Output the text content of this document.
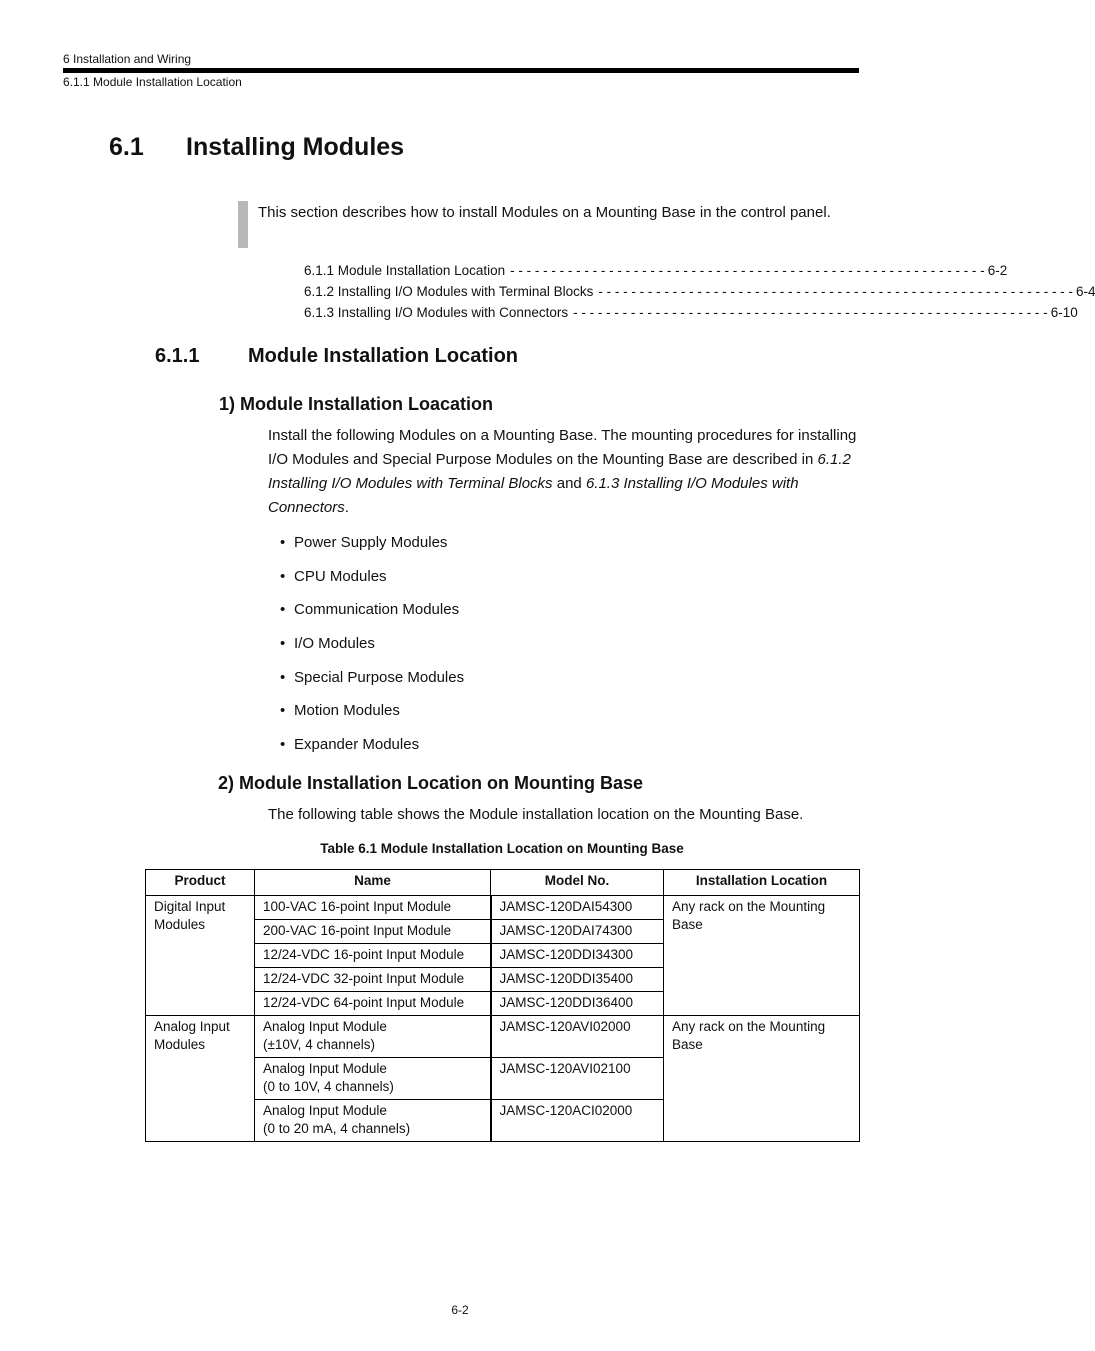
6 Installation and Wiring
6.1.1 Module Installation Location
6.1 Installing Modules
This section describes how to install Modules on a Mounting Base in the control panel.
6.1.1 Module Installation Location - - - - - - - - - - - - - - - - - - - - - - - - - - - - - - - - - - - - - - - - - - - - - - - - - - - - - - - - - - 6-2
6.1.2 Installing I/O Modules with Terminal Blocks - - - - - - - - - - - - - - - - - - - - - - - - - - - - - - - - - - - - - - - - - - - - - - - - - - - - - - - - - - 6-4
6.1.3 Installing I/O Modules with Connectors - - - - - - - - - - - - - - - - - - - - - - - - - - - - - - - - - - - - - - - - - - - - - - - - - - - - - - - - - - 6-10
6.1.1 Module Installation Location
1) Module Installation Loacation
Install the following Modules on a Mounting Base. The mounting procedures for installing I/O Modules and Special Purpose Modules on the Mounting Base are described in 6.1.2 Installing I/O Modules with Terminal Blocks and 6.1.3 Installing I/O Modules with Connectors.
• Power Supply Modules
• CPU Modules
• Communication Modules
• I/O Modules
• Special Purpose Modules
• Motion Modules
• Expander Modules
2) Module Installation Location on Mounting Base
The following table shows the Module installation location on the Mounting Base.
Table 6.1 Module Installation Location on Mounting Base
Product	Name	Model No.	Installation Location
Digital Input Modules	100-VAC 16-point Input Module	JAMSC-120DAI54300	Any rack on the Mounting Base
	200-VAC 16-point Input Module	JAMSC-120DAI74300	
	12/24-VDC 16-point Input Module	JAMSC-120DDI34300	
	12/24-VDC 32-point Input Module	JAMSC-120DDI35400	
	12/24-VDC 64-point Input Module	JAMSC-120DDI36400	
Analog Input Modules	Analog Input Module
(±10V, 4 channels)	JAMSC-120AVI02000	Any rack on the Mounting Base
	Analog Input Module
(0 to 10V, 4 channels)	JAMSC-120AVI02100	
	Analog Input Module
(0 to 20 mA, 4 channels)	JAMSC-120ACI02000	
6-2
